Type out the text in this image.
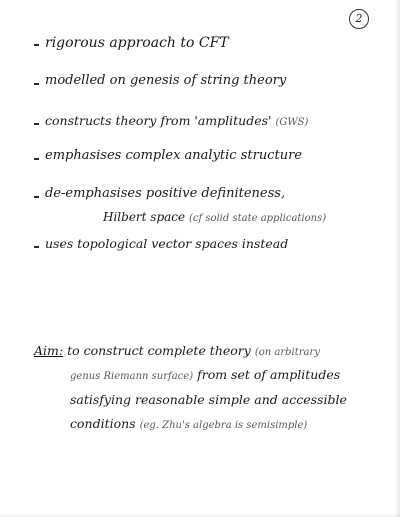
2
rigorous approach to CFT
modelled on genesis of string theory
constructs theory from 'amplitudes' (GWS)
emphasises complex analytic structure
de-emphasises positive definiteness,
Hilbert space (cf solid state applications)
uses topological vector spaces instead
Aim: to construct complete theory (on arbitrary
genus Riemann surface) from set of amplitudes
satisfying reasonable simple and accessible
conditions (eg. Zhu's algebra is semisimple)
